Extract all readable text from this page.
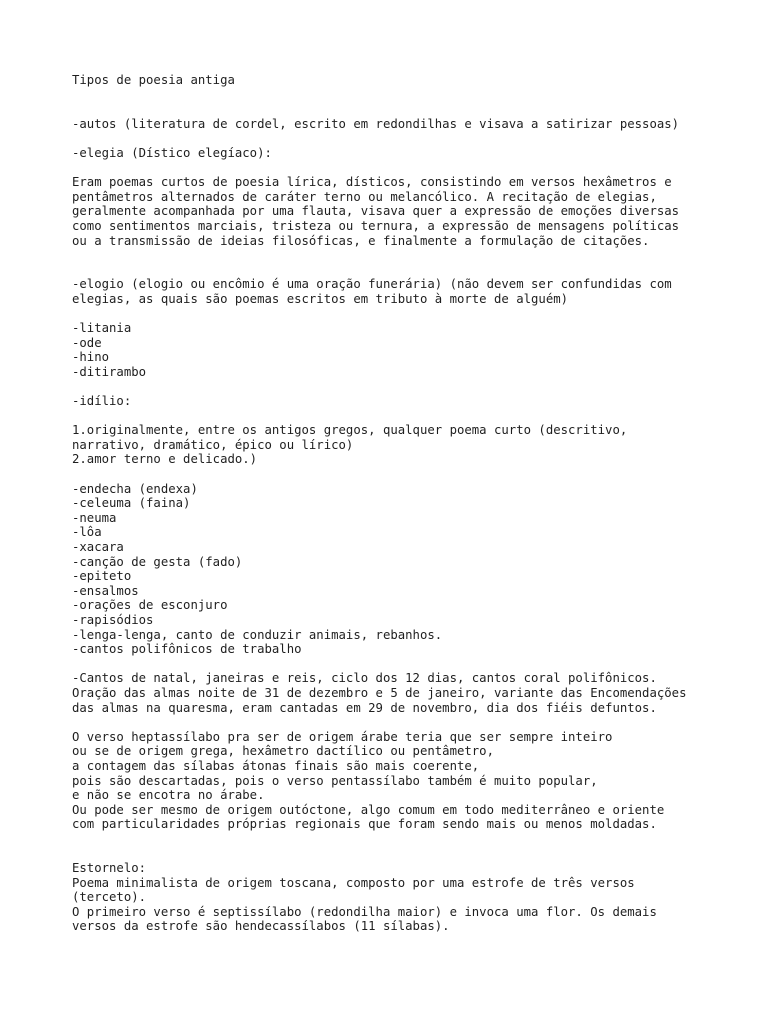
Tipos de poesia antiga

-autos (literatura de cordel, escrito em redondilhas e visava a satirizar pessoas)

-elegia (Dístico elegíaco):

Eram poemas curtos de poesia lírica, dísticos, consistindo em versos hexâmetros e
pentâmetros alternados de caráter terno ou melancólico. A recitação de elegias,
geralmente acompanhada por uma flauta, visava quer a expressão de emoções diversas
como sentimentos marciais, tristeza ou ternura, a expressão de mensagens políticas
ou a transmissão de ideias filosóficas, e finalmente a formulação de citações.

-elogio (elogio ou encômio é uma oração funerária) (não devem ser confundidas com
elegias, as quais são poemas escritos em tributo à morte de alguém)

-litania
-ode
-hino
-ditirambo

-idílio:

1.originalmente, entre os antigos gregos, qualquer poema curto (descritivo,
narrativo, dramático, épico ou lírico)
2.amor terno e delicado.)

-endecha (endexa)
-celeuma (faina)
-neuma
-lôa
-xacara
-canção de gesta (fado)
-epiteto
-ensalmos
-orações de esconjuro
-rapisódios
-lenga-lenga, canto de conduzir animais, rebanhos.
-cantos polifônicos de trabalho

-Cantos de natal, janeiras e reis, ciclo dos 12 dias, cantos coral polifônicos.
Oração das almas noite de 31 de dezembro e 5 de janeiro, variante das Encomendações
das almas na quaresma, eram cantadas em 29 de novembro, dia dos fiéis defuntos.

O verso heptassílabo pra ser de origem árabe teria que ser sempre inteiro
ou se de origem grega, hexâmetro dactílico ou pentâmetro,
a contagem das sílabas átonas finais são mais coerente,
pois são descartadas, pois o verso pentassílabo também é muito popular,
e não se encotra no árabe.
Ou pode ser mesmo de origem outóctone, algo comum em todo mediterrâneo e oriente
com particularidades próprias regionais que foram sendo mais ou menos moldadas.

Estornelo:
Poema minimalista de origem toscana, composto por uma estrofe de três versos
(terceto).
O primeiro verso é septissílabo (redondilha maior) e invoca uma flor. Os demais
versos da estrofe são hendecassílabos (11 sílabas).
